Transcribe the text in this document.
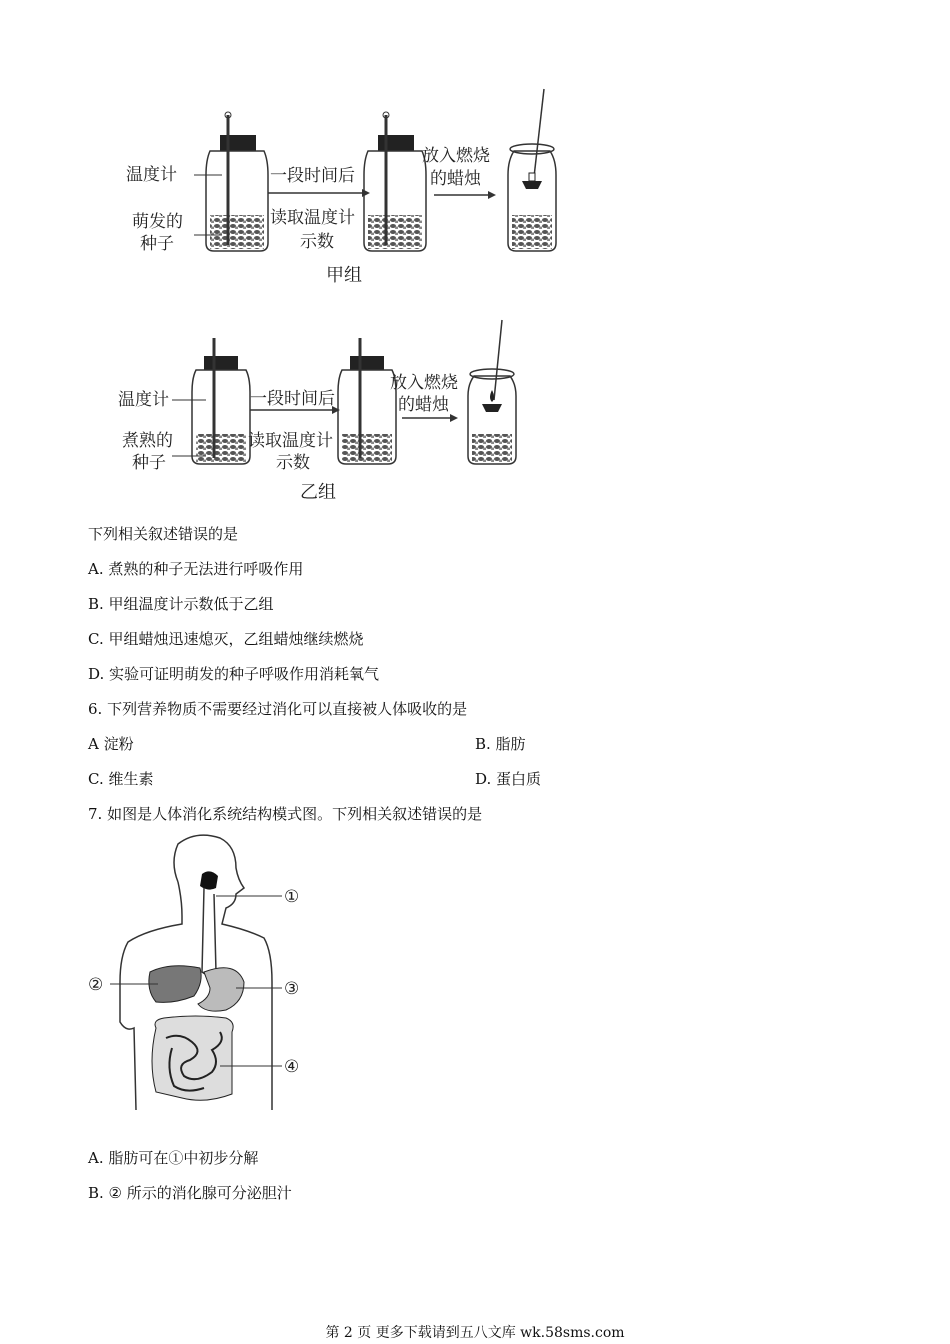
温度计
萌发的
种子
一段时间后
读取温度计
示数
放入燃烧
的蜡烛
甲组
温度计
煮熟的
种子
一段时间后
读取温度计
示数
放入燃烧
的蜡烛
乙组
下列相关叙述错误的是
A. 煮熟的种子无法进行呼吸作用
B. 甲组温度计示数低于乙组
C. 甲组蜡烛迅速熄灭，乙组蜡烛继续燃烧
D. 实验可证明萌发的种子呼吸作用消耗氧气
6. 下列营养物质不需要经过消化可以直接被人体吸收的是
A 淀粉	B. 脂肪
C. 维生素	D. 蛋白质
7. 如图是人体消化系统结构模式图。下列相关叙述错误的是
①
②	③
④
A. 脂肪可在①中初步分解
B. ② 所示的消化腺可分泌胆汁
第 2 页 更多下载请到五八文库 wk.58sms.com
